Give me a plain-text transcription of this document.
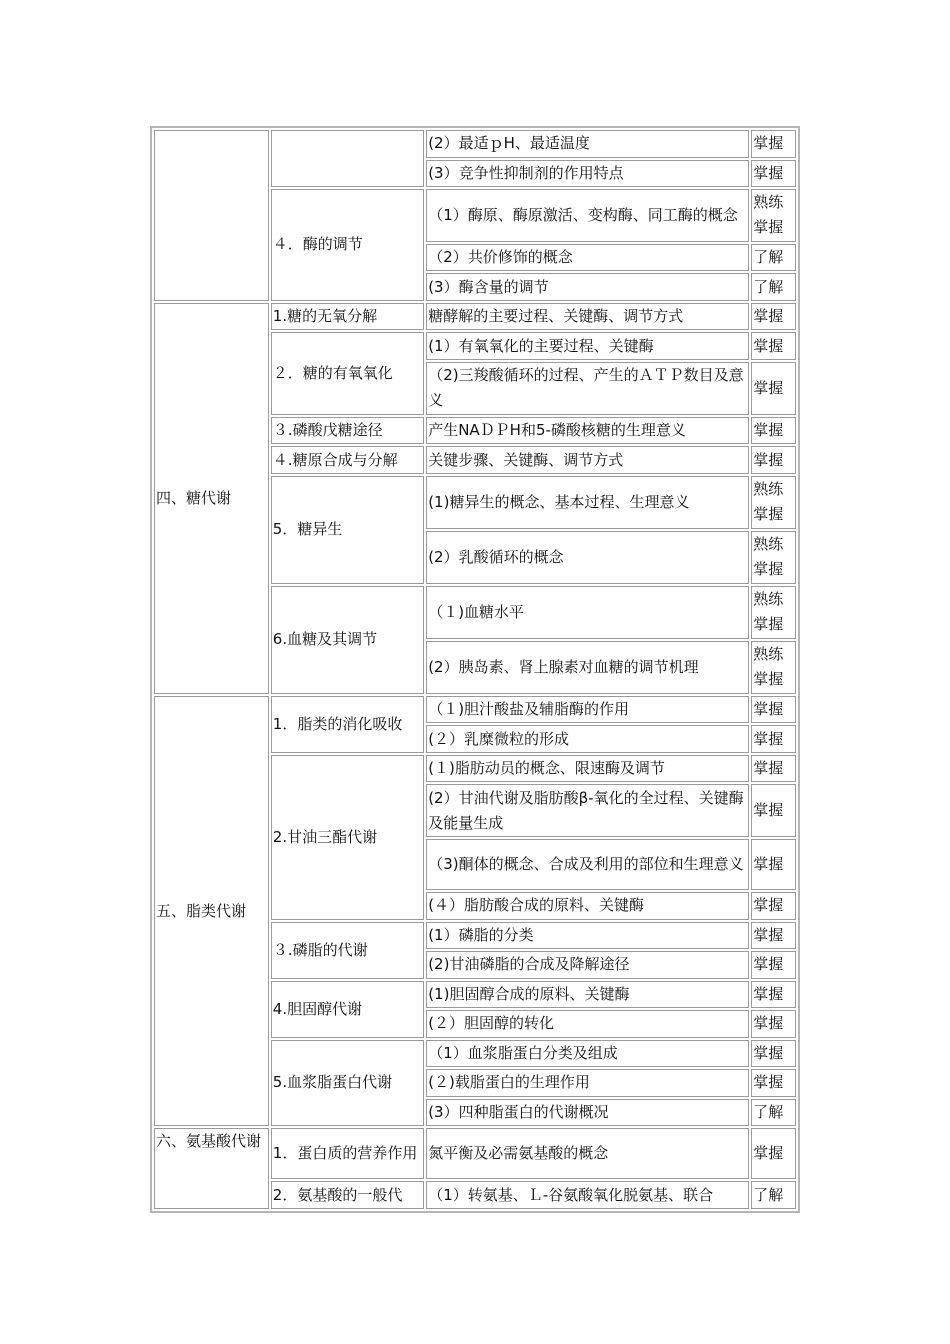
		(2）最适ｐH、最适温度	掌握
		(3）竞争性抑制剂的作用特点	掌握
	４．酶的调节	（1）酶原、酶原激活、变构酶、同工酶的概念	熟练掌握
		（2）共价修饰的概念	了解
		(3）酶含量的调节	了解
四、糖代谢	1.糖的无氧分解	糖酵解的主要过程、关键酶、调节方式	掌握
	２．糖的有氧氧化	(1）有氧氧化的主要过程、关键酶	掌握
		（2)三羧酸循环的过程、产生的ＡＴＰ数目及意义	掌握
	３.磷酸戊糖途径	产生NAＤＰH和5-磷酸核糖的生理意义	掌握
	４.糖原合成与分解	关键步骤、关键酶、调节方式	掌握
	5．糖异生	(1)糖异生的概念、基本过程、生理意义	熟练掌握
		(2）乳酸循环的概念	熟练掌握
	6.血糖及其调节	（１)血糖水平	熟练掌握
		(2）胰岛素、肾上腺素对血糖的调节机理	熟练掌握
五、脂类代谢	1．脂类的消化吸收	（１)胆汁酸盐及辅脂酶的作用	掌握
		(２）乳糜微粒的形成	掌握
	2.甘油三酯代谢	(１)脂肪动员的概念、限速酶及调节	掌握
		(2）甘油代谢及脂肪酸β-氧化的全过程、关键酶及能量生成	掌握
		（3)酮体的概念、合成及利用的部位和生理意义	掌握
		(４）脂肪酸合成的原料、关键酶	掌握
	３.磷脂的代谢	(1）磷脂的分类	掌握
		(2)甘油磷脂的合成及降解途径	掌握
	4.胆固醇代谢	(1)胆固醇合成的原料、关键酶	掌握
		(２）胆固醇的转化	掌握
	5.血浆脂蛋白代谢	（1）血浆脂蛋白分类及组成	掌握
		(２)载脂蛋白的生理作用	掌握
		(3）四种脂蛋白的代谢概况	了解
六、氨基酸代谢	1．蛋白质的营养作用	氮平衡及必需氨基酸的概念	掌握
	2．氨基酸的一般代	（1）转氨基、Ｌ-谷氨酸氧化脱氨基、联合	了解
